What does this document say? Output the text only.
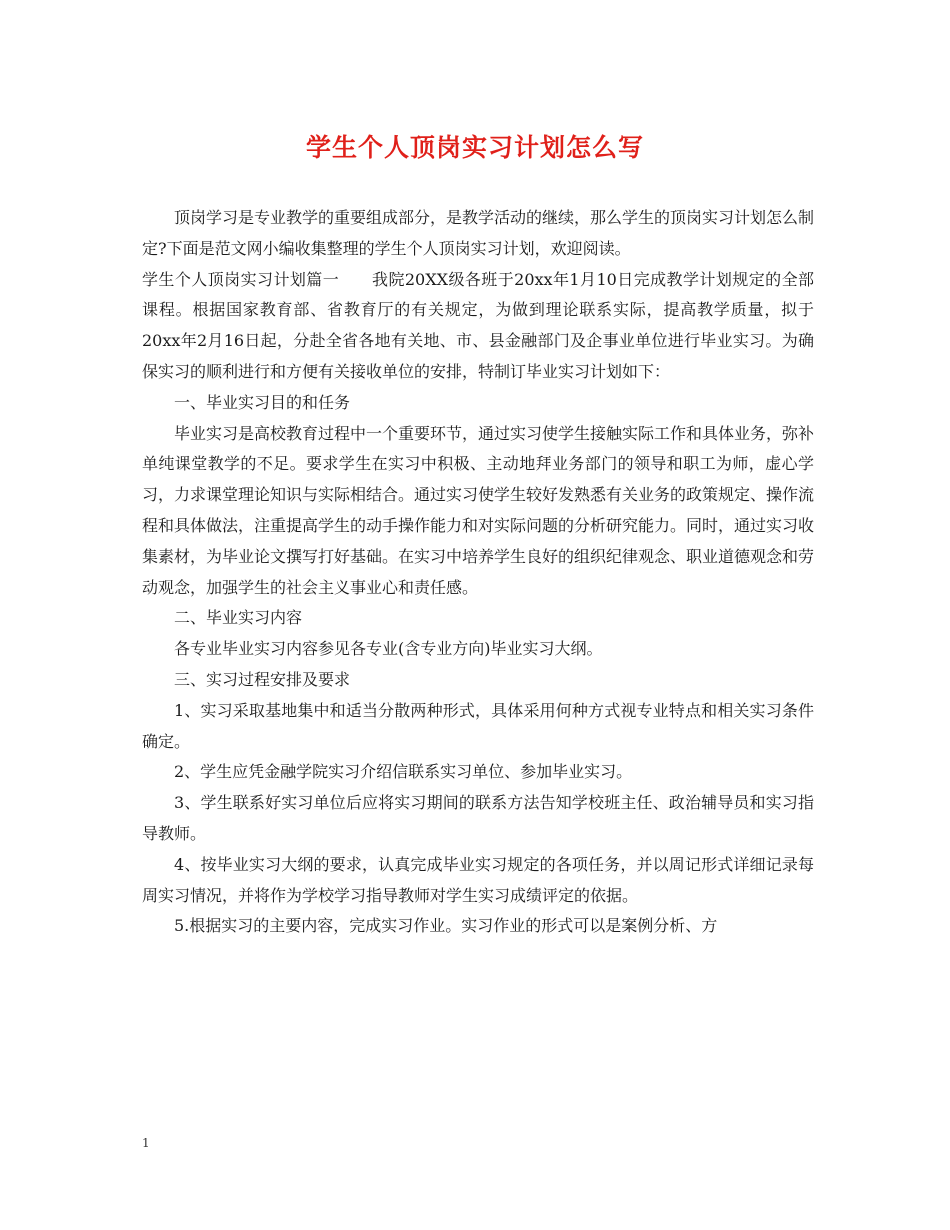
学生个人顶岗实习计划怎么写

顶岗学习是专业教学的重要组成部分，是教学活动的继续，那么学生的顶岗实习计划怎么制定?下面是范文网小编收集整理的学生个人顶岗实习计划，欢迎阅读。

学生个人顶岗实习计划篇一　　我院20XX级各班于20xx年1月10日完成教学计划规定的全部课程。根据国家教育部、省教育厅的有关规定，为做到理论联系实际，提高教学质量，拟于20xx年2月16日起，分赴全省各地有关地、市、县金融部门及企事业单位进行毕业实习。为确保实习的顺利进行和方便有关接收单位的安排，特制订毕业实习计划如下：

一、毕业实习目的和任务

毕业实习是高校教育过程中一个重要环节，通过实习使学生接触实际工作和具体业务，弥补单纯课堂教学的不足。要求学生在实习中积极、主动地拜业务部门的领导和职工为师，虚心学习，力求课堂理论知识与实际相结合。通过实习使学生较好发熟悉有关业务的政策规定、操作流程和具体做法，注重提高学生的动手操作能力和对实际问题的分析研究能力。同时，通过实习收集素材，为毕业论文撰写打好基础。在实习中培养学生良好的组织纪律观念、职业道德观念和劳动观念，加强学生的社会主义事业心和责任感。

二、毕业实习内容

各专业毕业实习内容参见各专业(含专业方向)毕业实习大纲。

三、实习过程安排及要求

1、实习采取基地集中和适当分散两种形式，具体采用何种方式视专业特点和相关实习条件确定。

2、学生应凭金融学院实习介绍信联系实习单位、参加毕业实习。

3、学生联系好实习单位后应将实习期间的联系方法告知学校班主任、政治辅导员和实习指导教师。

4、按毕业实习大纲的要求，认真完成毕业实习规定的各项任务，并以周记形式详细记录每周实习情况，并将作为学校学习指导教师对学生实习成绩评定的依据。

5.根据实习的主要内容，完成实习作业。实习作业的形式可以是案例分析、方

1
